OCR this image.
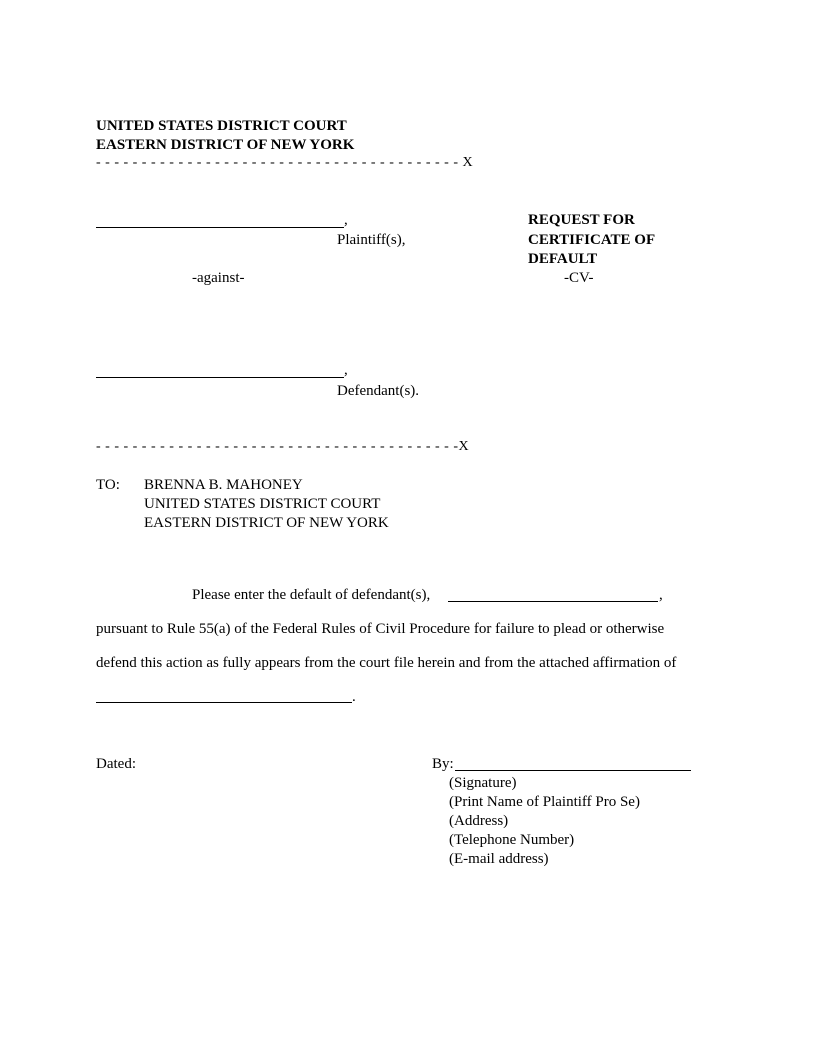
UNITED STATES DISTRICT COURT
EASTERN DISTRICT OF NEW YORK
- - - - - - - - - - - - - - - - - - - - - - - - - - - - - - - - - - - - - - - - X
,
Plaintiff(s),
-against-
REQUEST FOR
CERTIFICATE OF
DEFAULT
-CV-
,
Defendant(s).
- - - - - - - - - - - - - - - - - - - - - - - - - - - - - - - - - - - - - - - -X
TO: BRENNA B. MAHONEY
UNITED STATES DISTRICT COURT
EASTERN DISTRICT OF NEW YORK
Please enter the default of defendant(s),	,
pursuant to Rule 55(a) of the Federal Rules of Civil Procedure for failure to plead or otherwise
defend this action as fully appears from the court file herein and from the attached affirmation of
.
Dated:	By:
(Signature)
(Print Name of Plaintiff Pro Se)
(Address)
(Telephone Number)
(E-mail address)
